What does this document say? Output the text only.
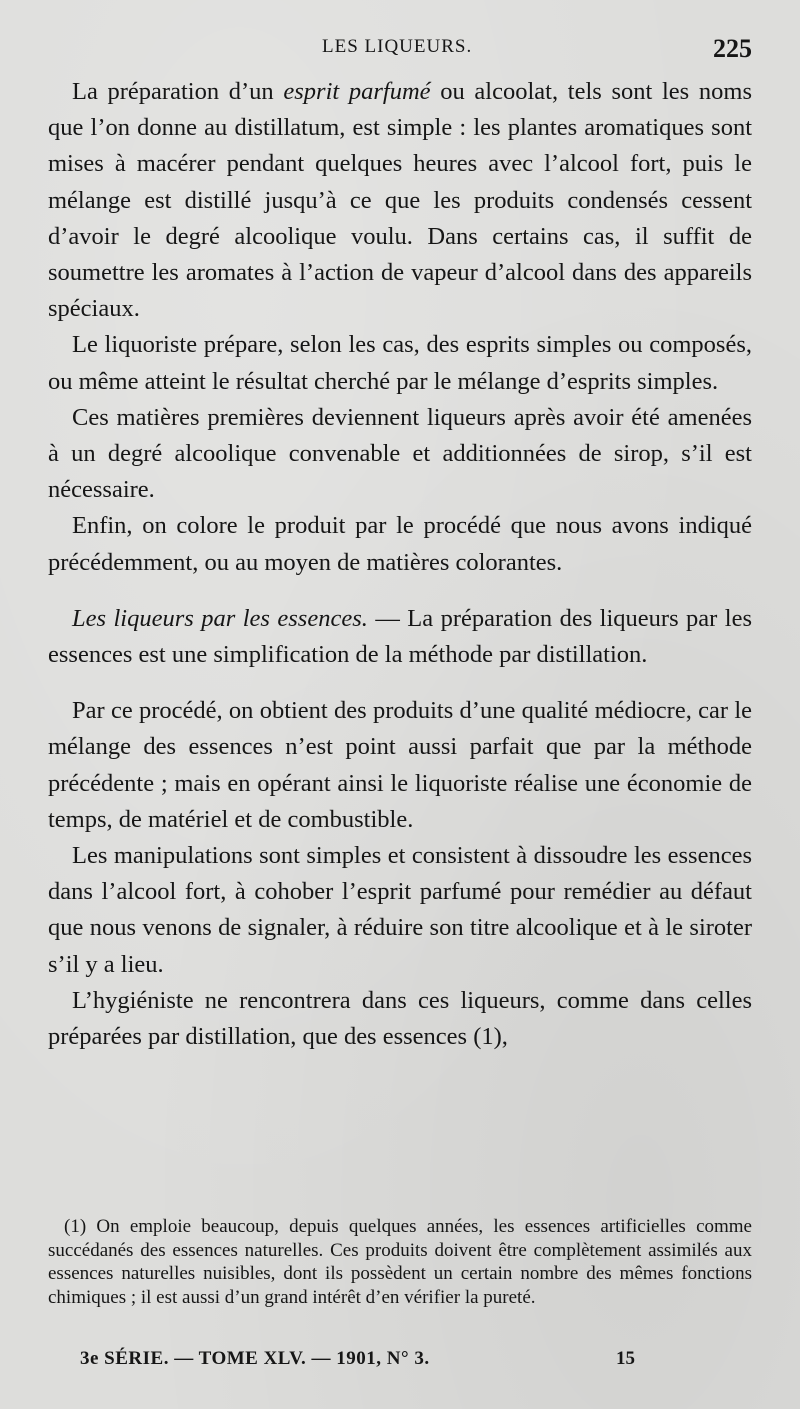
LES LIQUEURS.	225

La préparation d’un esprit parfumé ou alcoolat, tels sont les noms que l’on donne au distillatum, est simple : les plantes aromatiques sont mises à macérer pendant quelques heures avec l’alcool fort, puis le mélange est distillé jusqu’à ce que les produits condensés cessent d’avoir le degré alcoolique voulu. Dans certains cas, il suffit de soumettre les aromates à l’action de vapeur d’alcool dans des appareils spéciaux.

Le liquoriste prépare, selon les cas, des esprits simples ou composés, ou même atteint le résultat cherché par le mélange d’esprits simples.

Ces matières premières deviennent liqueurs après avoir été amenées à un degré alcoolique convenable et additionnées de sirop, s’il est nécessaire.

Enfin, on colore le produit par le procédé que nous avons indiqué précédemment, ou au moyen de matières colorantes.

Les liqueurs par les essences. — La préparation des liqueurs par les essences est une simplification de la méthode par distillation.

Par ce procédé, on obtient des produits d’une qualité médiocre, car le mélange des essences n’est point aussi parfait que par la méthode précédente ; mais en opérant ainsi le liquoriste réalise une économie de temps, de matériel et de combustible.

Les manipulations sont simples et consistent à dissoudre les essences dans l’alcool fort, à cohober l’esprit parfumé pour remédier au défaut que nous venons de signaler, à réduire son titre alcoolique et à le siroter s’il y a lieu.

L’hygiéniste ne rencontrera dans ces liqueurs, comme dans celles préparées par distillation, que des essences (1),

(1) On emploie beaucoup, depuis quelques années, les essences artificielles comme succédanés des essences naturelles. Ces produits doivent être complètement assimilés aux essences naturelles nuisibles, dont ils possèdent un certain nombre des mêmes fonctions chimiques ; il est aussi d’un grand intérêt d’en vérifier la pureté.

3e SÉRIE. — TOME XLV. — 1901, N° 3.	15
